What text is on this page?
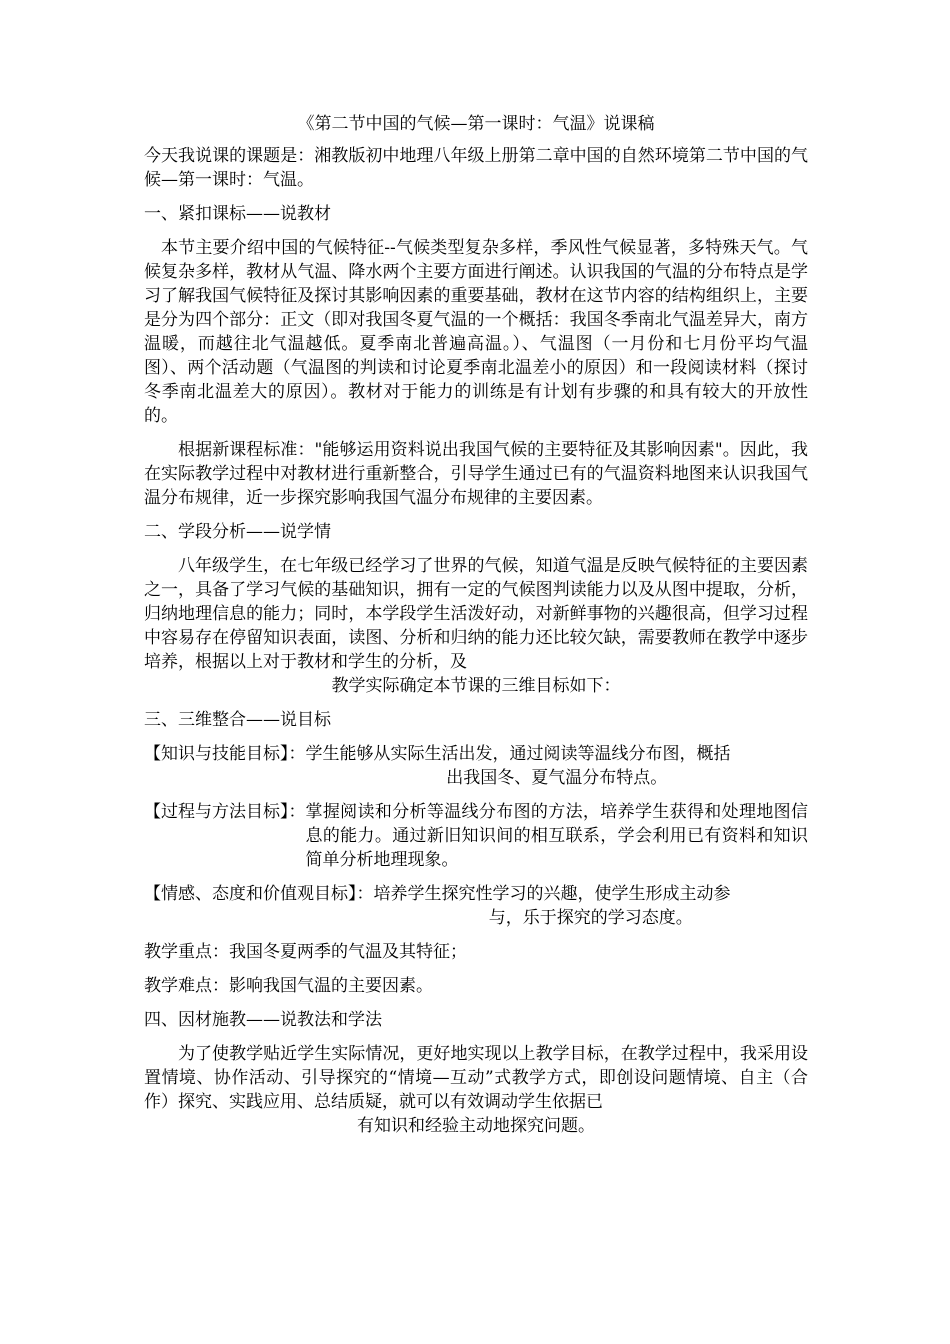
《第二节中国的气候—第一课时：气温》说课稿

今天我说课的课题是：湘教版初中地理八年级上册第二章中国的自然环境第二节中国的气候—第一课时：气温。

一、紧扣课标——说教材

本节主要介绍中国的气候特征--气候类型复杂多样，季风性气候显著，多特殊天气。气候复杂多样，教材从气温、降水两个主要方面进行阐述。认识我国的气温的分布特点是学习了解我国气候特征及探讨其影响因素的重要基础，教材在这节内容的结构组织上，主要是分为四个部分：正文（即对我国冬夏气温的一个概括：我国冬季南北气温差异大，南方温暖，而越往北气温越低。夏季南北普遍高温。）、气温图（一月份和七月份平均气温图）、两个活动题（气温图的判读和讨论夏季南北温差小的原因）和一段阅读材料（探讨冬季南北温差大的原因）。教材对于能力的训练是有计划有步骤的和具有较大的开放性的。

根据新课程标准："能够运用资料说出我国气候的主要特征及其影响因素"。因此，我在实际教学过程中对教材进行重新整合，引导学生通过已有的气温资料地图来认识我国气温分布规律，近一步探究影响我国气温分布规律的主要因素。

二、学段分析——说学情

八年级学生，在七年级已经学习了世界的气候，知道气温是反映气候特征的主要因素之一，具备了学习气候的基础知识，拥有一定的气候图判读能力以及从图中提取，分析，归纳地理信息的能力；同时，本学段学生活泼好动，对新鲜事物的兴趣很高，但学习过程中容易存在停留知识表面，读图、分析和归纳的能力还比较欠缺，需要教师在教学中逐步培养，根据以上对于教材和学生的分析，及

教学实际确定本节课的三维目标如下：

三、三维整合——说目标

【知识与技能目标】： 学生能够从实际生活出发，通过阅读等温线分布图，概括
出我国冬、夏气温分布特点。
【过程与方法目标】： 掌握阅读和分析等温线分布图的方法，培养学生获得和处理地图信息的能力。通过新旧知识间的相互联系，学会利用已有资料和知识简单分析地理现象。
【情感、态度和价值观目标】： 培养学生探究性学习的兴趣，使学生形成主动参
与，乐于探究的学习态度。

教学重点：我国冬夏两季的气温及其特征；

教学难点：影响我国气温的主要因素。

四、因材施教——说教法和学法

为了使教学贴近学生实际情况，更好地实现以上教学目标，在教学过程中，我采用设置情境、协作活动、引导探究的“情境—互动”式教学方式，即创设问题情境、自主（合作）探究、实践应用、总结质疑，就可以有效调动学生依据已

有知识和经验主动地探究问题。
